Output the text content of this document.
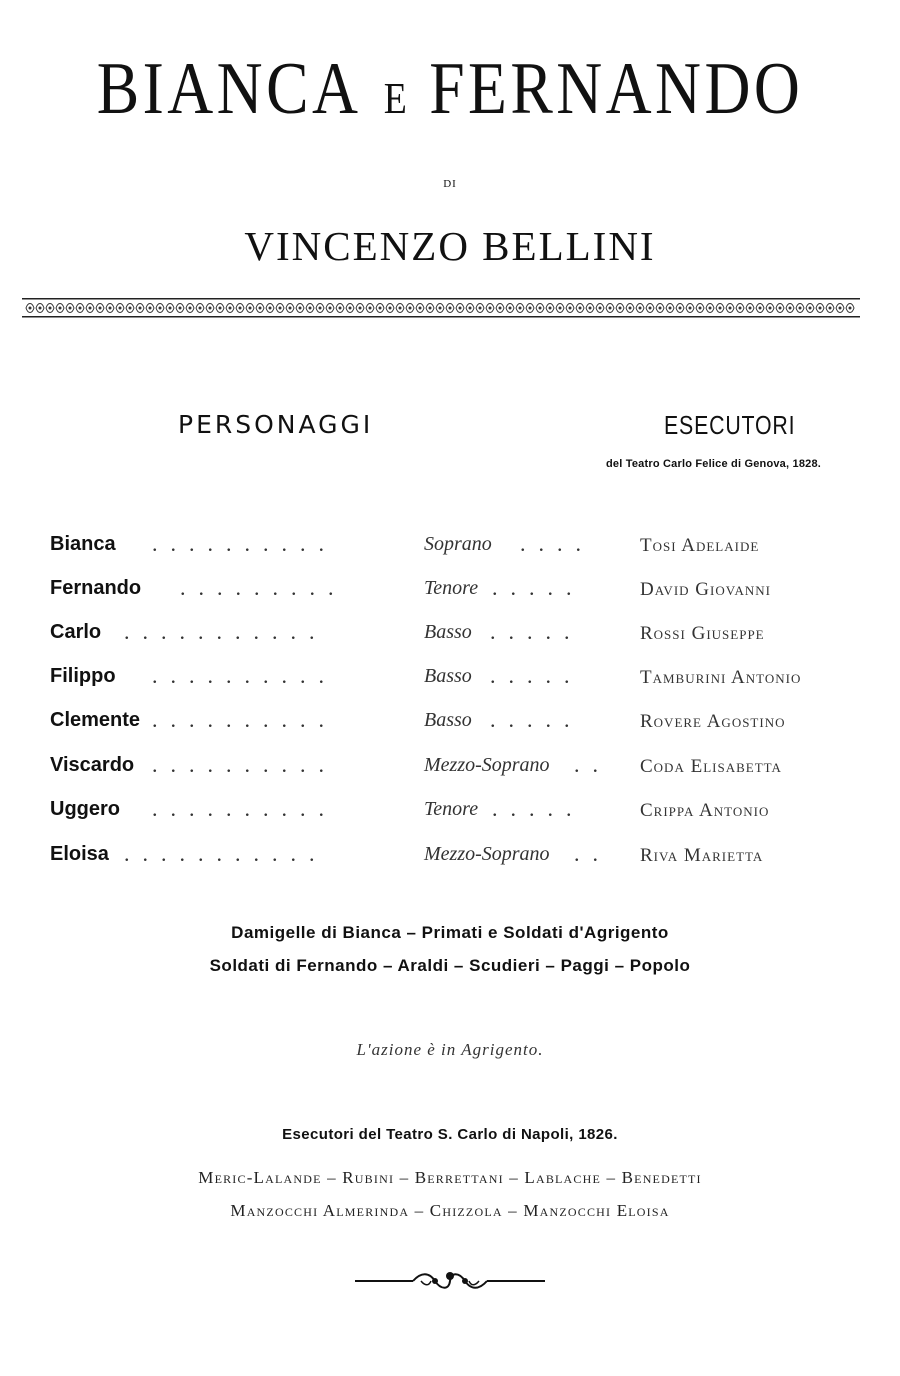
BIANCA E FERNANDO
DI
VINCENZO BELLINI
PERSONAGGI	ESECUTORI
del Teatro Carlo Felice di Genova, 1828.
Bianca ..........	Soprano .... Tosi Adelaide
Fernando .........	Tenore .....	David Giovanni
Carlo ...........	Basso .....	Rossi Giuseppe
Filippo ..........	Basso .....	Tamburini Antonio
Clemente ..........	Basso .....	Rovere Agostino
Viscardo ..........	Mezzo-Soprano .. Coda Elisabetta
Uggero ..........	Tenore .....	Crippa Antonio
Eloisa ...........	Mezzo-Soprano .. Riva Marietta
Damigelle di Bianca – Primati e Soldati d'Agrigento
Soldati di Fernando – Araldi – Scudieri – Paggi – Popolo
L'azione è in Agrigento.
Esecutori del Teatro S. Carlo di Napoli, 1826.
Meric-Lalande – Rubini – Berrettani – Lablache – Benedetti
Manzocchi Almerinda – Chizzola – Manzocchi Eloisa
